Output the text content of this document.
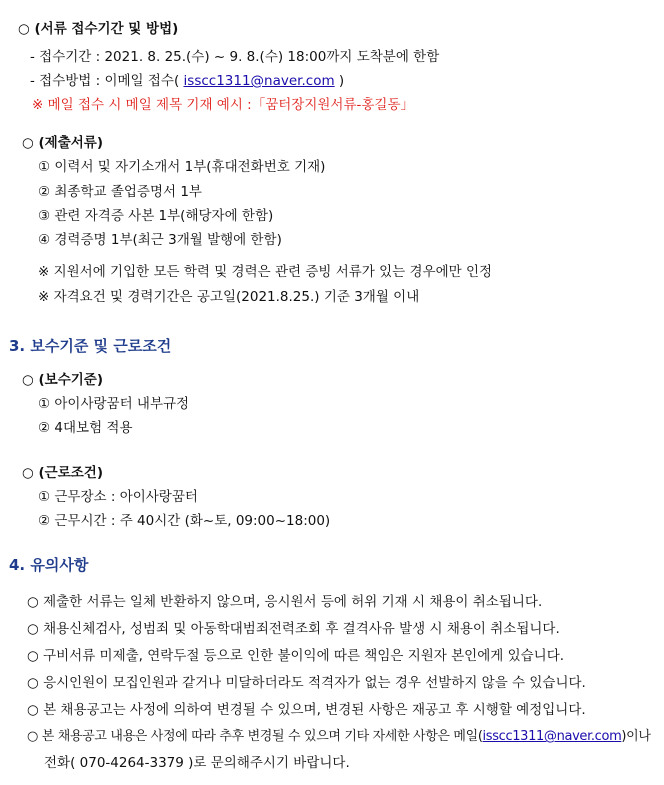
○ (서류 접수기간 및 방법)
- 접수기간 : 2021. 8. 25.(수) ~ 9. 8.(수) 18:00까지 도착분에 한함
- 접수방법 : 이메일 접수( isscc1311@naver.com )
※ 메일 접수 시 메일 제목 기재 예시 :「꿈터장지원서류-홍길동」
○ (제출서류)
① 이력서 및 자기소개서 1부(휴대전화번호 기재)
② 최종학교 졸업증명서 1부
③ 관련 자격증 사본 1부(해당자에 한함)
④ 경력증명 1부(최근 3개월 발행에 한함)
※ 지원서에 기입한 모든 학력 및 경력은 관련 증빙 서류가 있는 경우에만 인정
※ 자격요건 및 경력기간은 공고일(2021.8.25.) 기준 3개월 이내
3. 보수기준 및 근로조건
○ (보수기준)
① 아이사랑꿈터 내부규정
② 4대보험 적용
○ (근로조건)
① 근무장소 : 아이사랑꿈터
② 근무시간 : 주 40시간 (화~토, 09:00~18:00)
4. 유의사항
○ 제출한 서류는 일체 반환하지 않으며, 응시원서 등에 허위 기재 시 채용이 취소됩니다.
○ 채용신체검사, 성범죄 및 아동학대범죄전력조회 후 결격사유 발생 시 채용이 취소됩니다.
○ 구비서류 미제출, 연락두절 등으로 인한 불이익에 따른 책임은 지원자 본인에게 있습니다.
○ 응시인원이 모집인원과 같거나 미달하더라도 적격자가 없는 경우 선발하지 않을 수 있습니다.
○ 본 채용공고는 사정에 의하여 변경될 수 있으며, 변경된 사항은 재공고 후 시행할 예정입니다.
○ 본 채용공고 내용은 사정에 따라 추후 변경될 수 있으며 기타 자세한 사항은 메일(isscc1311@naver.com)이나
전화( 070-4264-3379 )로 문의해주시기 바랍니다.
